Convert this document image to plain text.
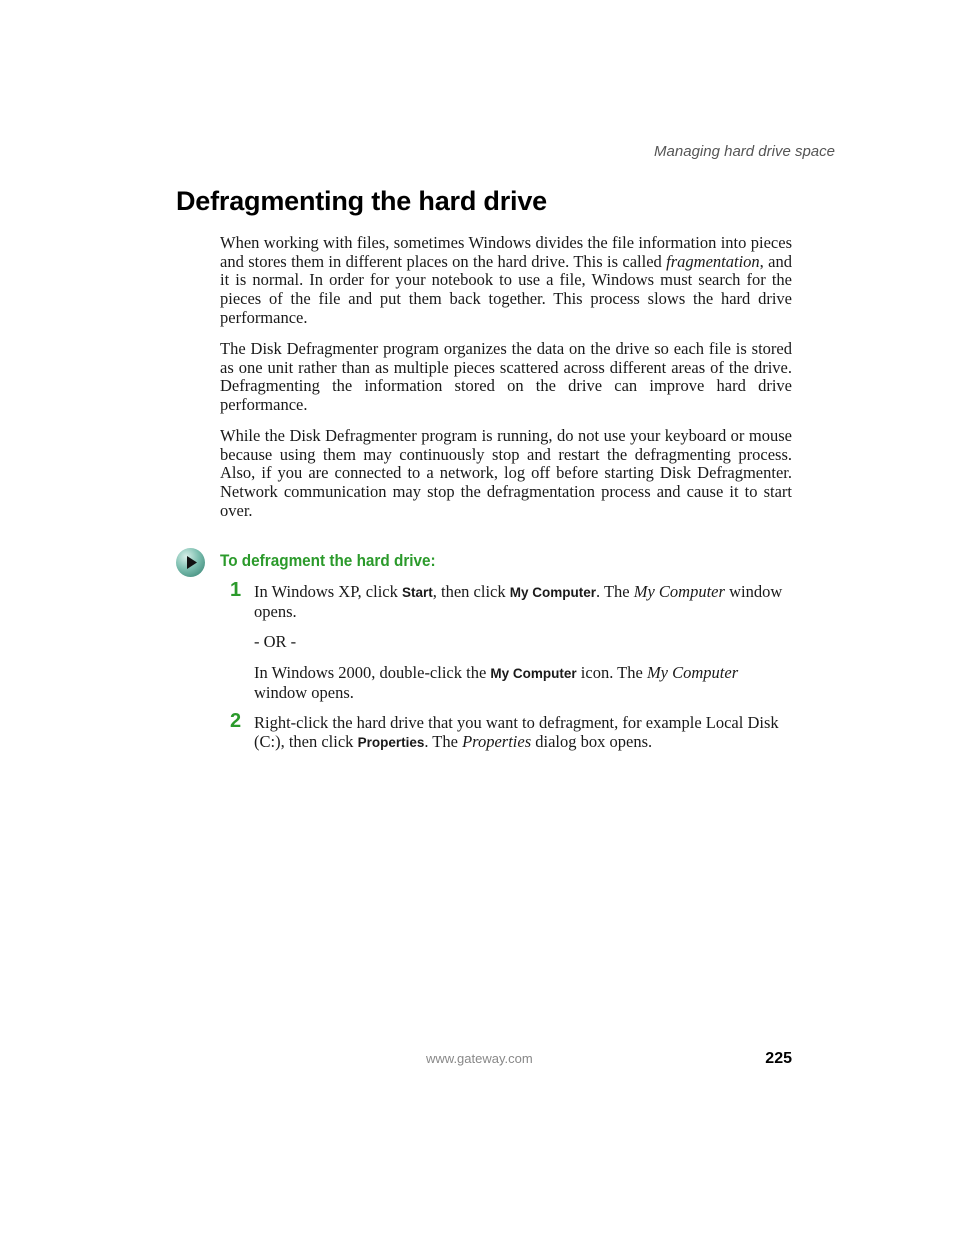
Managing hard drive space
Defragmenting the hard drive

When working with files, sometimes Windows divides the file information into pieces and stores them in different places on the hard drive. This is called fragmentation, and it is normal. In order for your notebook to use a file, Windows must search for the pieces of the file and put them back together. This process slows the hard drive performance.

The Disk Defragmenter program organizes the data on the drive so each file is stored as one unit rather than as multiple pieces scattered across different areas of the drive. Defragmenting the information stored on the drive can improve hard drive performance.

While the Disk Defragmenter program is running, do not use your keyboard or mouse because using them may continuously stop and restart the defragmenting process. Also, if you are connected to a network, log off before starting Disk Defragmenter. Network communication may stop the defragmentation process and cause it to start over.

To defragment the hard drive:
1 In Windows XP, click Start, then click My Computer. The My Computer window opens.

- OR -

In Windows 2000, double-click the My Computer icon. The My Computer window opens.

2 Right-click the hard drive that you want to defragment, for example Local Disk (C:), then click Properties. The Properties dialog box opens.

www.gateway.com	225
